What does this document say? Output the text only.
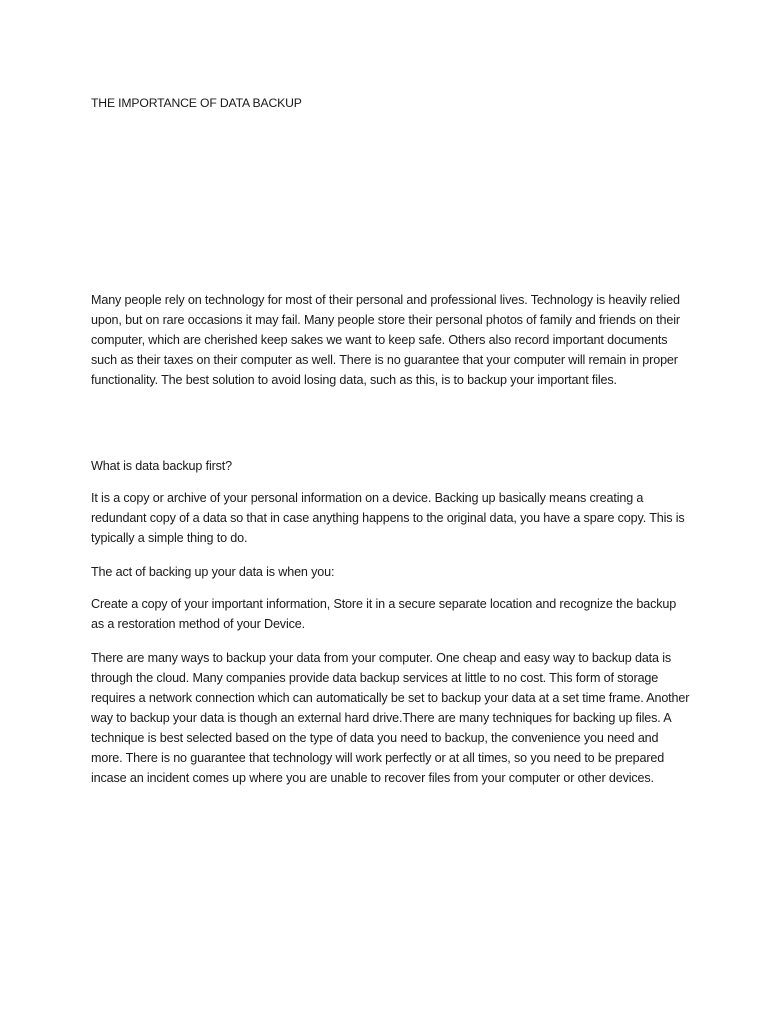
THE IMPORTANCE OF DATA BACKUP

Many people rely on technology for most of their personal and professional lives. Technology is heavily relied upon, but on rare occasions it may fail. Many people store their personal photos of family and friends on their computer, which are cherished keep sakes we want to keep safe. Others also record important documents such as their taxes on their computer as well. There is no guarantee that your computer will remain in proper functionality. The best solution to avoid losing data, such as this, is to backup your important files.

What is data backup first?

It is a copy or archive of your personal information on a device. Backing up basically means creating a redundant copy of a data so that in case anything happens to the original data, you have a spare copy. This is typically a simple thing to do.

The act of backing up your data is when you:

Create a copy of your important information, Store it in a secure separate location and recognize the backup as a restoration method of your Device.

There are many ways to backup your data from your computer. One cheap and easy way to backup data is through the cloud. Many companies provide data backup services at little to no cost. This form of storage requires a network connection which can automatically be set to backup your data at a set time frame. Another way to backup your data is though an external hard drive.There are many techniques for backing up files. A technique is best selected based on the type of data you need to backup, the convenience you need and more. There is no guarantee that technology will work perfectly or at all times, so you need to be prepared incase an incident comes up where you are unable to recover files from your computer or other devices.
